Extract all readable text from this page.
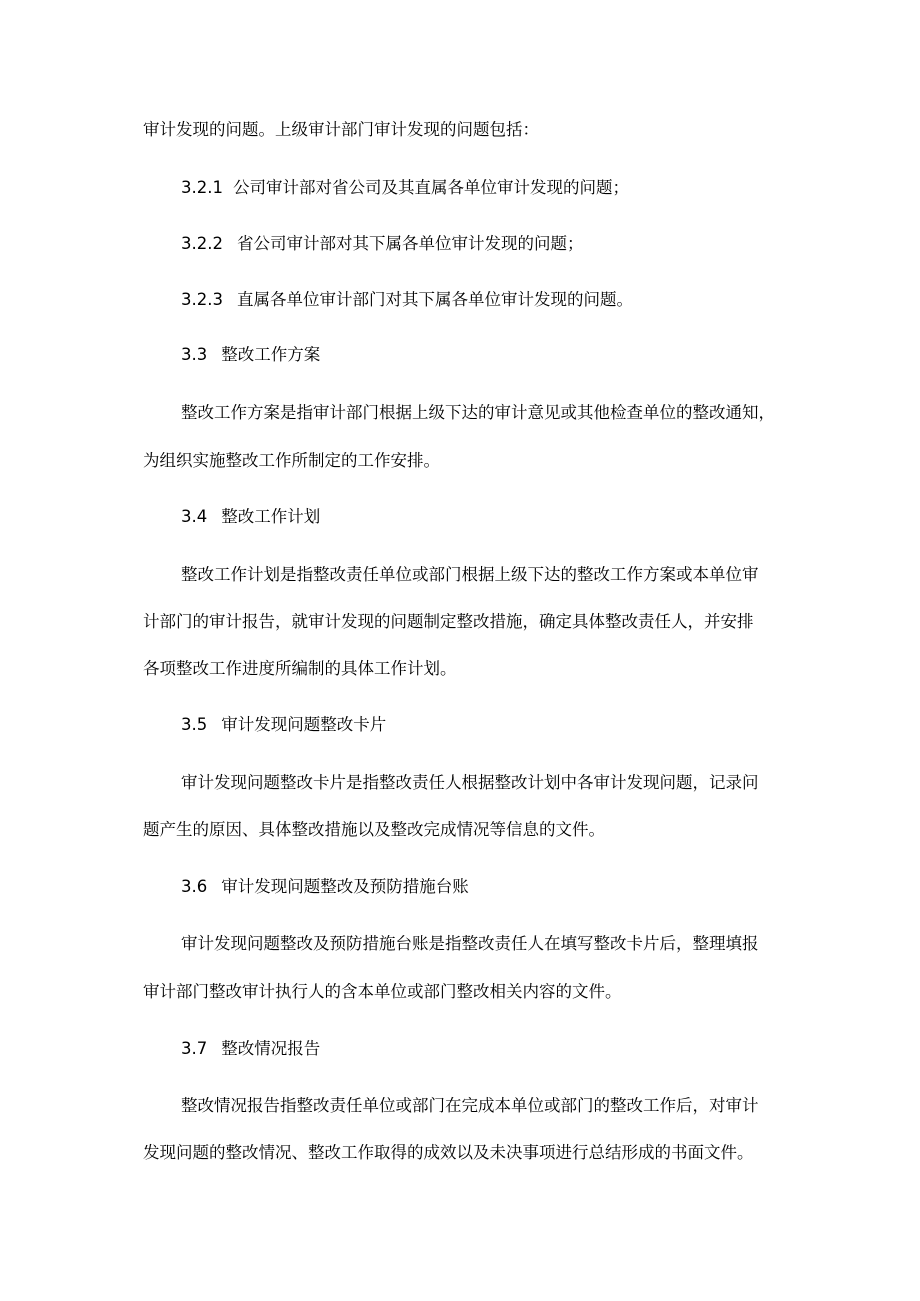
审计发现的问题。上级审计部门审计发现的问题包括：
3.2.1 公司审计部对省公司及其直属各单位审计发现的问题；
3.2.2 省公司审计部对其下属各单位审计发现的问题；
3.2.3 直属各单位审计部门对其下属各单位审计发现的问题。
3.3 整改工作方案
整改工作方案是指审计部门根据上级下达的审计意见或其他检查单位的整改通知，
为组织实施整改工作所制定的工作安排。
3.4 整改工作计划
整改工作计划是指整改责任单位或部门根据上级下达的整改工作方案或本单位审
计部门的审计报告，就审计发现的问题制定整改措施，确定具体整改责任人，并安排
各项整改工作进度所编制的具体工作计划。
3.5 审计发现问题整改卡片
审计发现问题整改卡片是指整改责任人根据整改计划中各审计发现问题，记录问
题产生的原因、具体整改措施以及整改完成情况等信息的文件。
3.6 审计发现问题整改及预防措施台账
审计发现问题整改及预防措施台账是指整改责任人在填写整改卡片后，整理填报
审计部门整改审计执行人的含本单位或部门整改相关内容的文件。
3.7 整改情况报告
整改情况报告指整改责任单位或部门在完成本单位或部门的整改工作后，对审计
发现问题的整改情况、整改工作取得的成效以及未决事项进行总结形成的书面文件。
